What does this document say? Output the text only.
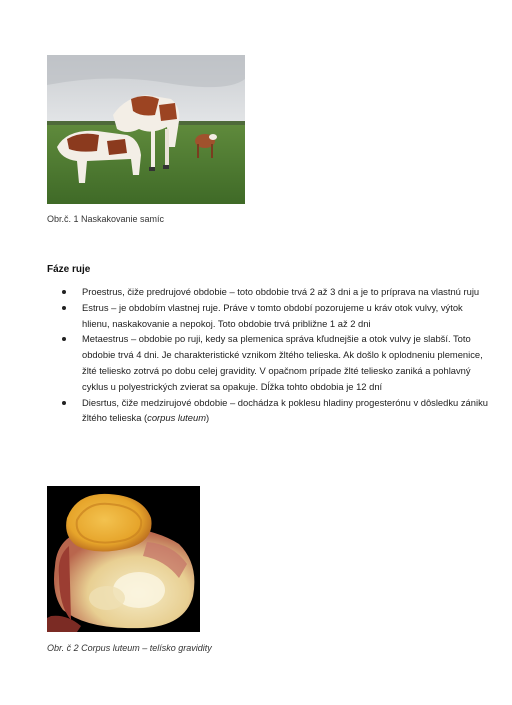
Obr.č. 1 Naskakovanie samíc
Fáze ruje
Proestrus, čiže predrujové obdobie – toto obdobie trvá 2 až 3 dni a je to príprava na vlastnú ruju
Estrus – je obdobím vlastnej ruje. Práve v tomto období pozorujeme u kráv otok vulvy, výtok hlienu, naskakovanie a nepokoj. Toto obdobie trvá približne 1 až 2 dni
Metaestrus – obdobie po ruji, kedy sa plemenica správa kľudnejšie a otok vulvy je slabší. Toto obdobie trvá 4 dni. Je charakteristické vznikom žltého telieska. Ak došlo k oplodneniu plemenice, žlté teliesko zotrvá po dobu celej gravidity. V opačnom prípade žlté teliesko zaniká a pohlavný cyklus u polyestrických zvierat sa opakuje. Dĺžka tohto obdobia je 12 dní
Diesrtus, čiže medzirujové obdobie – dochádza k poklesu hladiny progesterónu v dôsledku zániku žltého telieska (corpus luteum)
Obr. č 2 Corpus luteum – telísko gravidity
